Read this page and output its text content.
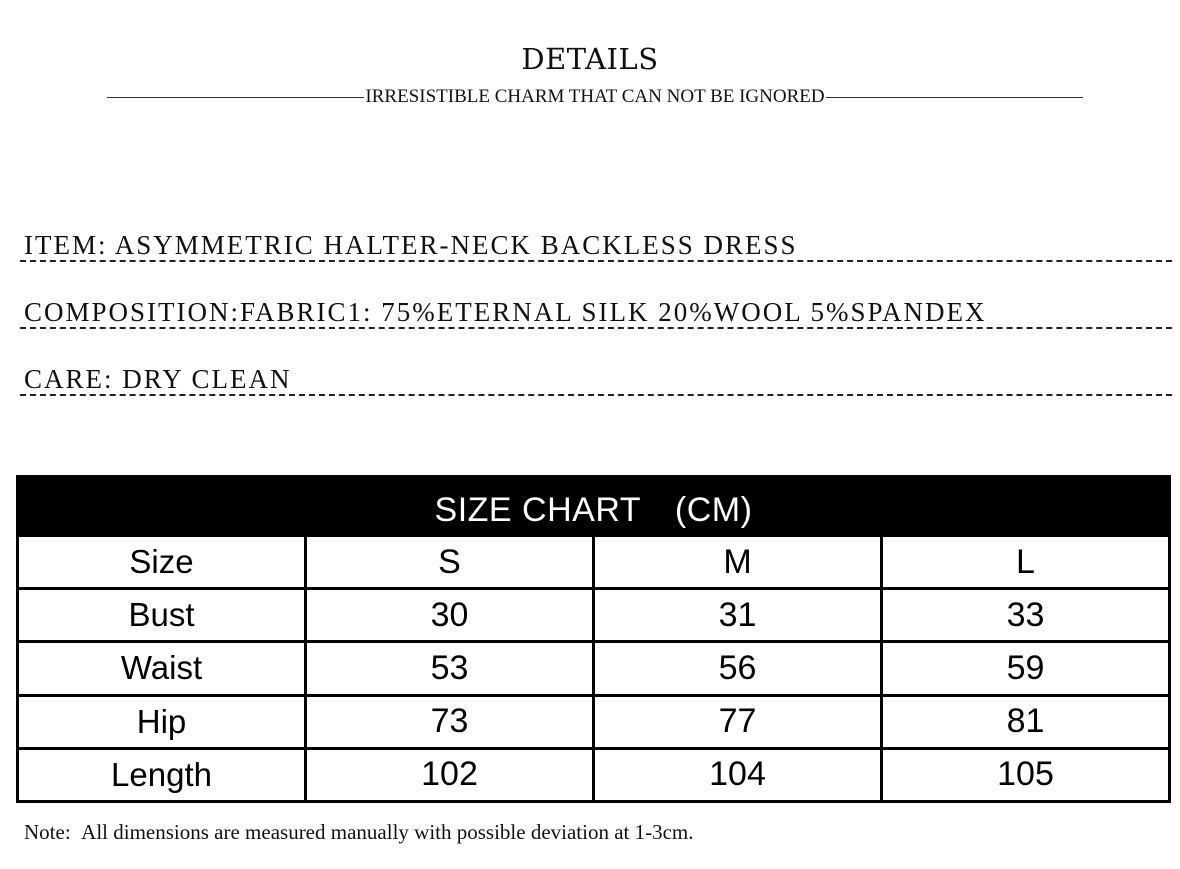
DETAILS
IRRESISTIBLE CHARM THAT CAN NOT BE IGNORED
ITEM: ASYMMETRIC HALTER-NECK BACKLESS DRESS
COMPOSITION:FABRIC1: 75%ETERNAL SILK 20%WOOL 5%SPANDEX
CARE: DRY CLEAN
SIZE CHART　(CM)			
Size	S	M	L
Bust	30	31	33
Waist	53	56	59
Hip	73	77	81
Length	102	104	105
Note:  All dimensions are measured manually with possible deviation at 1-3cm.
